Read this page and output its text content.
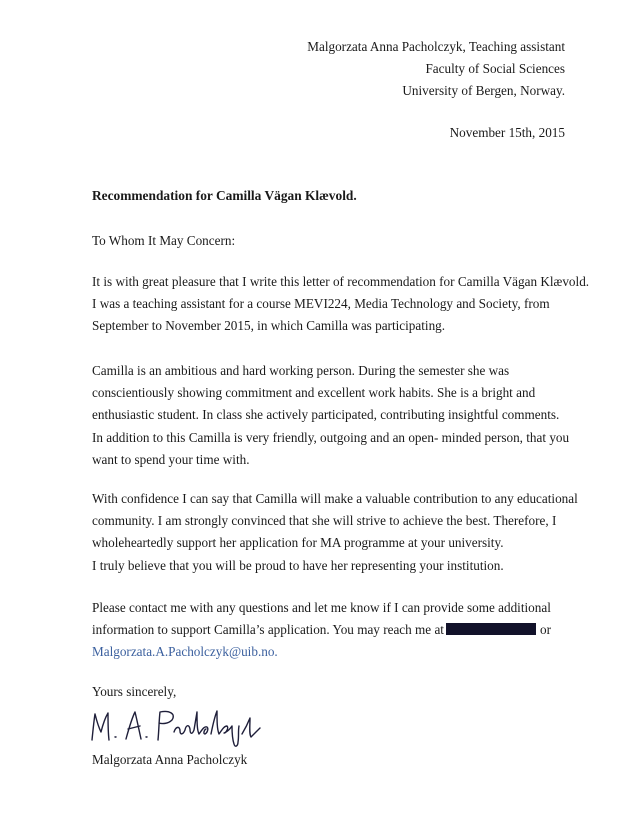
Malgorzata Anna Pacholczyk, Teaching assistant
Faculty of Social Sciences
University of Bergen, Norway.
November 15th, 2015
Recommendation for Camilla Vägan Klævold.
To Whom It May Concern:
It is with great pleasure that I write this letter of recommendation for Camilla Vägan Klævold.
I was a teaching assistant for a course MEVI224, Media Technology and Society, from
September to November 2015, in which Camilla was participating.
Camilla is an ambitious and hard working person. During the semester she was
conscientiously showing commitment and excellent work habits. She is a bright and
enthusiastic student. In class she actively participated, contributing insightful comments.
In addition to this Camilla is very friendly, outgoing and an open- minded person, that you
want to spend your time with.
With confidence I can say that Camilla will make a valuable contribution to any educational
community. I am strongly convinced that she will strive to achieve the best. Therefore, I
wholeheartedly support her application for MA programme at your university.
I truly believe that you will be proud to have her representing your institution.
Please contact me with any questions and let me know if I can provide some additional
information to support Camilla’s application. You may reach me at	or
Malgorzata.A.Pacholczyk@uib.no.
Yours sincerely,
Malgorzata Anna Pacholczyk
